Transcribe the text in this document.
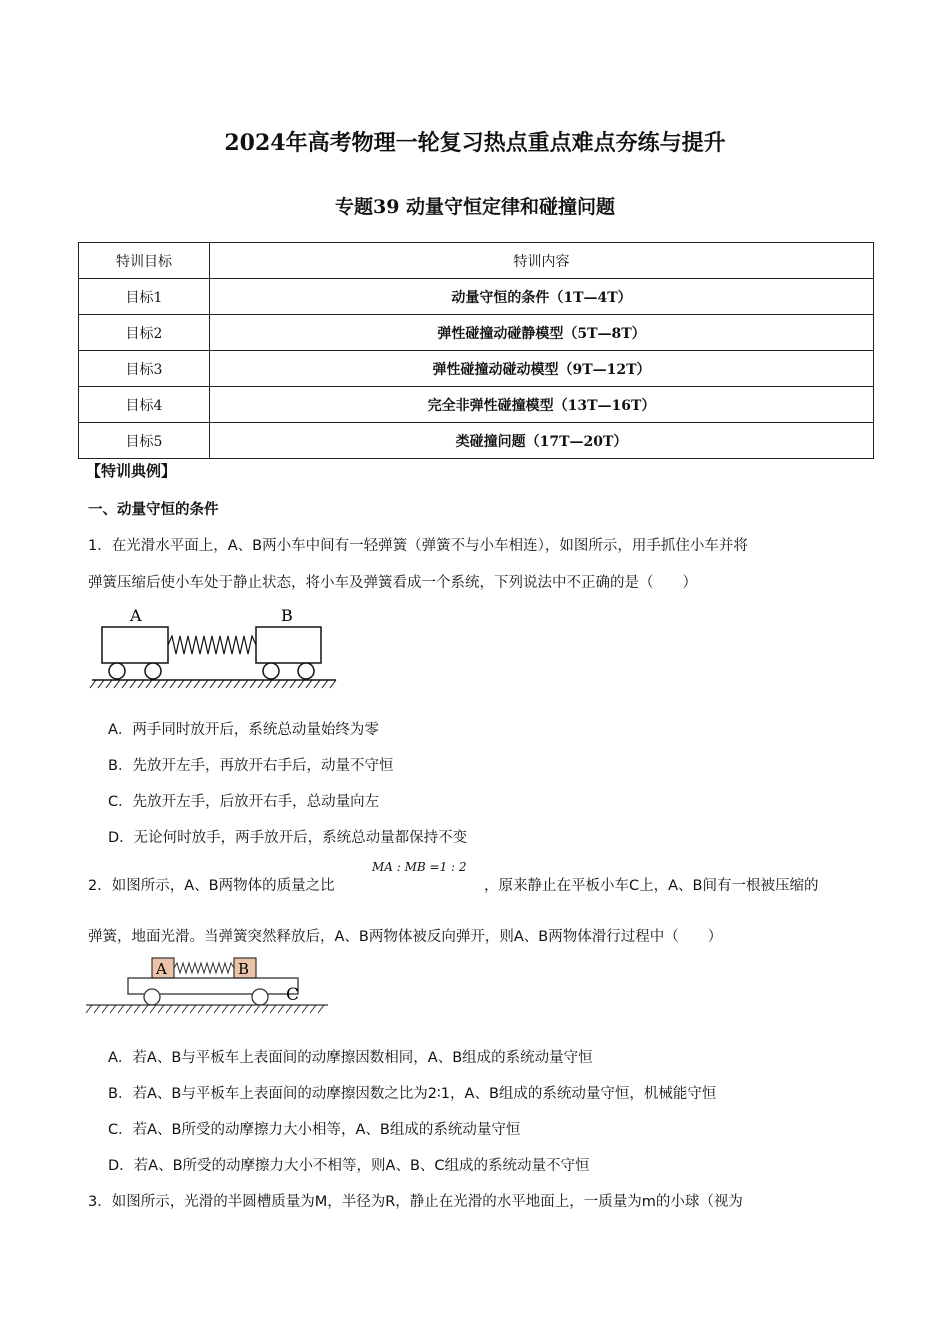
2024年高考物理一轮复习热点重点难点夯练与提升
专题39 动量守恒定律和碰撞问题
特训目标	特训内容
目标1	动量守恒的条件（1T—4T）
目标2	弹性碰撞动碰静模型（5T—8T）
目标3	弹性碰撞动碰动模型（9T—12T）
目标4	完全非弹性碰撞模型（13T—16T）
目标5	类碰撞问题（17T—20T）
【特训典例】
一、动量守恒的条件
1．在光滑水平面上，A、B两小车中间有一轻弹簧（弹簧不与小车相连），如图所示，用手抓住小车并将
弹簧压缩后使小车处于静止状态，将小车及弹簧看成一个系统，下列说法中不正确的是（　　）
A	B
A．两手同时放开后，系统总动量始终为零
B．先放开左手，再放开右手后，动量不守恒
C．先放开左手，后放开右手，总动量向左
D．无论何时放手，两手放开后，系统总动量都保持不变
2．如图所示，A、B两物体的质量之比
MA : MB =1 : 2
，原来静止在平板小车C上，A、B间有一根被压缩的
弹簧，地面光滑。当弹簧突然释放后，A、B两物体被反向弹开，则A、B两物体滑行过程中（　　）
A	B
C
A．若A、B与平板车上表面间的动摩擦因数相同，A、B组成的系统动量守恒
B．若A、B与平板车上表面间的动摩擦因数之比为2∶1，A、B组成的系统动量守恒，机械能守恒
C．若A、B所受的动摩擦力大小相等，A、B组成的系统动量守恒
D．若A、B所受的动摩擦力大小不相等，则A、B、C组成的系统动量不守恒
3．如图所示，光滑的半圆槽质量为M，半径为R，静止在光滑的水平地面上，一质量为m的小球（视为
